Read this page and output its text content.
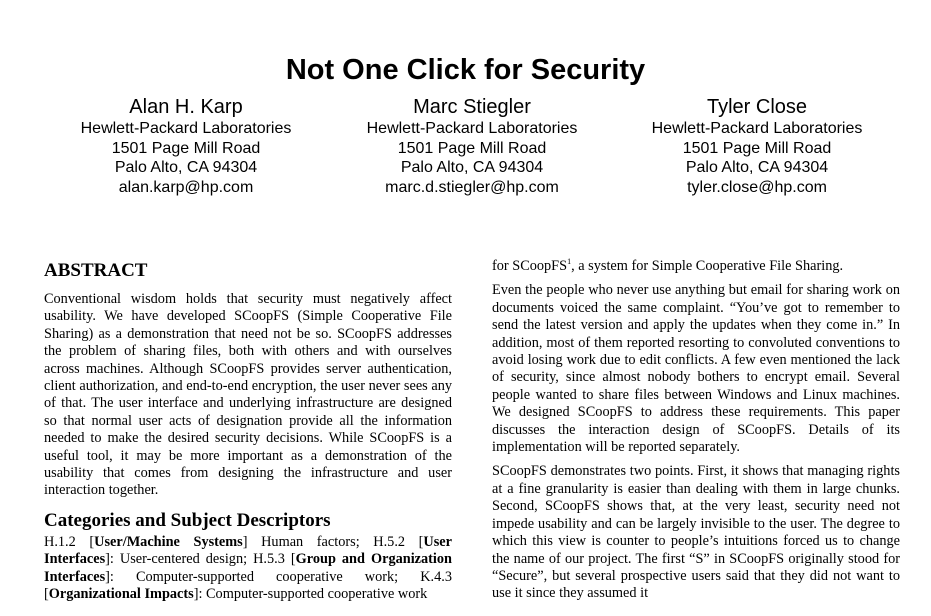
Not One Click for Security
Alan H. Karp
Hewlett-Packard Laboratories
1501 Page Mill Road
Palo Alto, CA 94304
alan.karp@hp.com
Marc Stiegler
Hewlett-Packard Laboratories
1501 Page Mill Road
Palo Alto, CA 94304
marc.d.stiegler@hp.com
Tyler Close
Hewlett-Packard Laboratories
1501 Page Mill Road
Palo Alto, CA 94304
tyler.close@hp.com
ABSTRACT

Conventional wisdom holds that security must negatively affect usability. We have developed SCoopFS (Simple Cooperative File Sharing) as a demonstration that need not be so. SCoopFS addresses the problem of sharing files, both with others and with ourselves across machines. Although SCoopFS provides server authentication, client authorization, and end-to-end encryption, the user never sees any of that. The user interface and underlying infrastructure are designed so that normal user acts of designation provide all the information needed to make the desired security decisions. While SCoopFS is a useful tool, it may be more important as a demonstration of the usability that comes from designing the infrastructure and user interaction together.

Categories and Subject Descriptors

H.1.2 [User/Machine Systems] Human factors; H.5.2 [User Interfaces]: User-centered design; H.5.3 [Group and Organization Interfaces]: Computer-supported cooperative work; K.4.3 [Organizational Impacts]: Computer-supported cooperative work

for SCoopFS$^1$, a system for Simple Cooperative File Sharing.

Even the people who never use anything but email for sharing work on documents voiced the same complaint. “You’ve got to remember to send the latest version and apply the updates when they come in.” In addition, most of them reported resorting to convoluted conventions to avoid losing work due to edit conflicts. A few even mentioned the lack of security, since almost nobody bothers to encrypt email. Several people wanted to share files between Windows and Linux machines. We designed SCoopFS to address these requirements. This paper discusses the interaction design of SCoopFS. Details of its implementation will be reported separately.

SCoopFS demonstrates two points. First, it shows that managing rights at a fine granularity is easier than dealing with them in large chunks. Second, SCoopFS shows that, at the very least, security need not impede usability and can be largely invisible to the user. The degree to which this view is counter to people’s intuitions forced us to change the name of our project. The first “S” in SCoopFS originally stood for “Secure”, but several prospective users said that they did not want to use it since they assumed it
